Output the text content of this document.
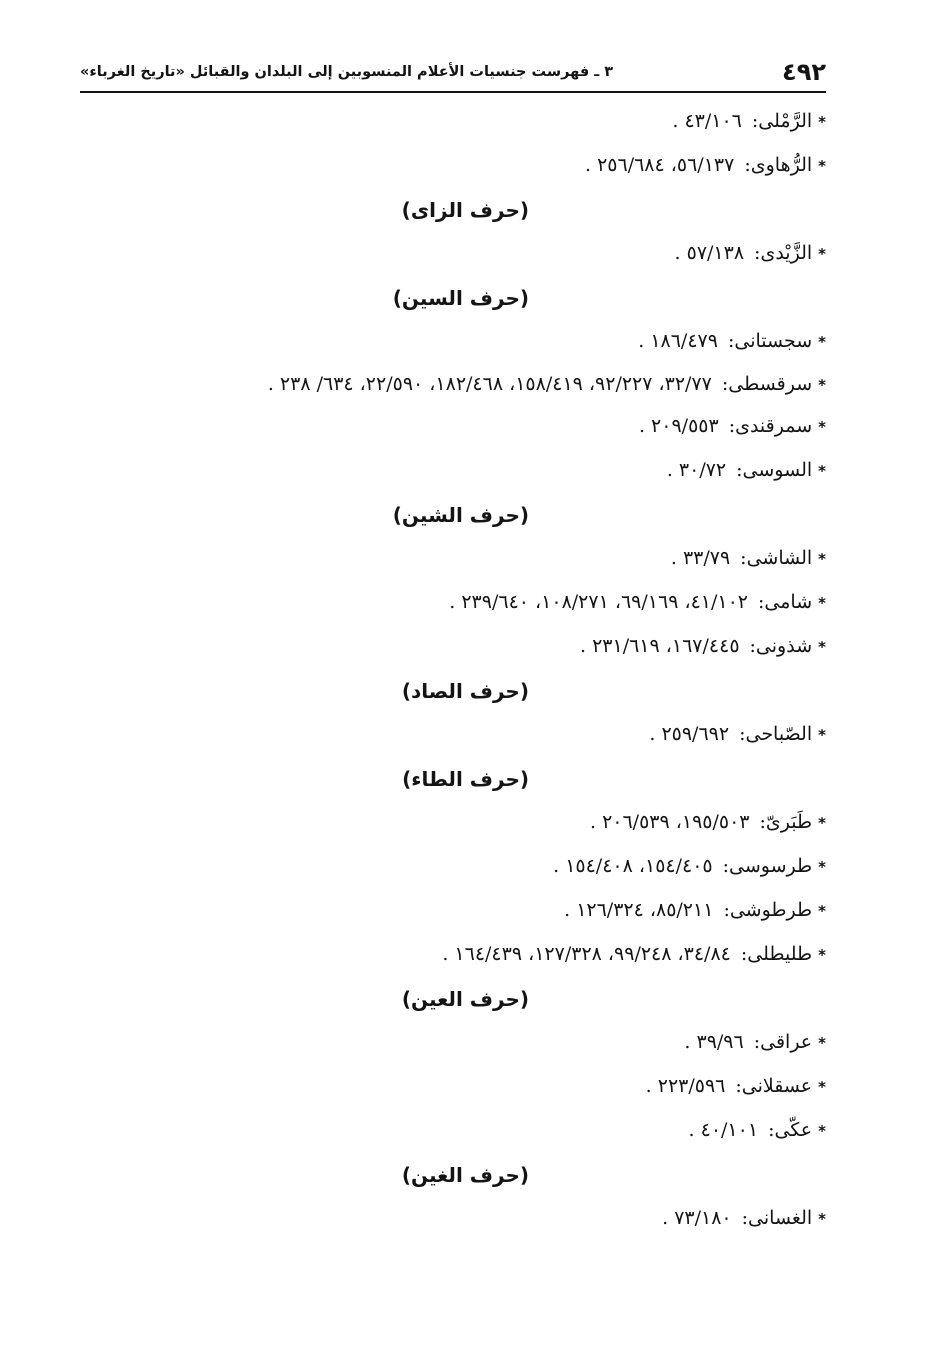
٤٩٢
٣ ـ فهرست جنسيات الأعلام المنسوبين إلى البلدان والقبائل «تاريخ الغرباء»
*الرَّمْلى:٤٣/١٠٦ .
*الرُّهاوى:٥٦/١٣٧، ٢٥٦/٦٨٤ .
(حرف الزاى)
*الزَّيْدى:٥٧/١٣٨ .
(حرف السين)
*سجستانى:١٨٦/٤٧٩ .
*سرقسطى:٣٢/٧٧، ٩٢/٢٢٧، ١٥٨/٤١٩، ١٨٢/٤٦٨، ٢٢/٥٩٠، ٦٣٤/ ٢٣٨ .
*سمرقندى:٢٠٩/٥٥٣ .
*السوسى:٣٠/٧٢ .
(حرف الشين)
*الشاشى:٣٣/٧٩ .
*شامى:٤١/١٠٢، ٦٩/١٦٩، ١٠٨/٢٧١، ٢٣٩/٦٤٠ .
*شذونى:١٦٧/٤٤٥، ٢٣١/٦١٩ .
(حرف الصاد)
*الصّباحى:٢٥٩/٦٩٢ .
(حرف الطاء)
*طَبَرىّ:١٩٥/٥٠٣، ٢٠٦/٥٣٩ .
*طرسوسى:١٥٤/٤٠٥، ١٥٤/٤٠٨ .
*طرطوشى:٨٥/٢١١، ١٢٦/٣٢٤ .
*طليطلى:٣٤/٨٤، ٩٩/٢٤٨، ١٢٧/٣٢٨، ١٦٤/٤٣٩ .
(حرف العين)
*عراقى:٣٩/٩٦ .
*عسقلانى:٢٢٣/٥٩٦ .
*عكّى:٤٠/١٠١ .
(حرف الغين)
*الغسانى:٧٣/١٨٠ .
